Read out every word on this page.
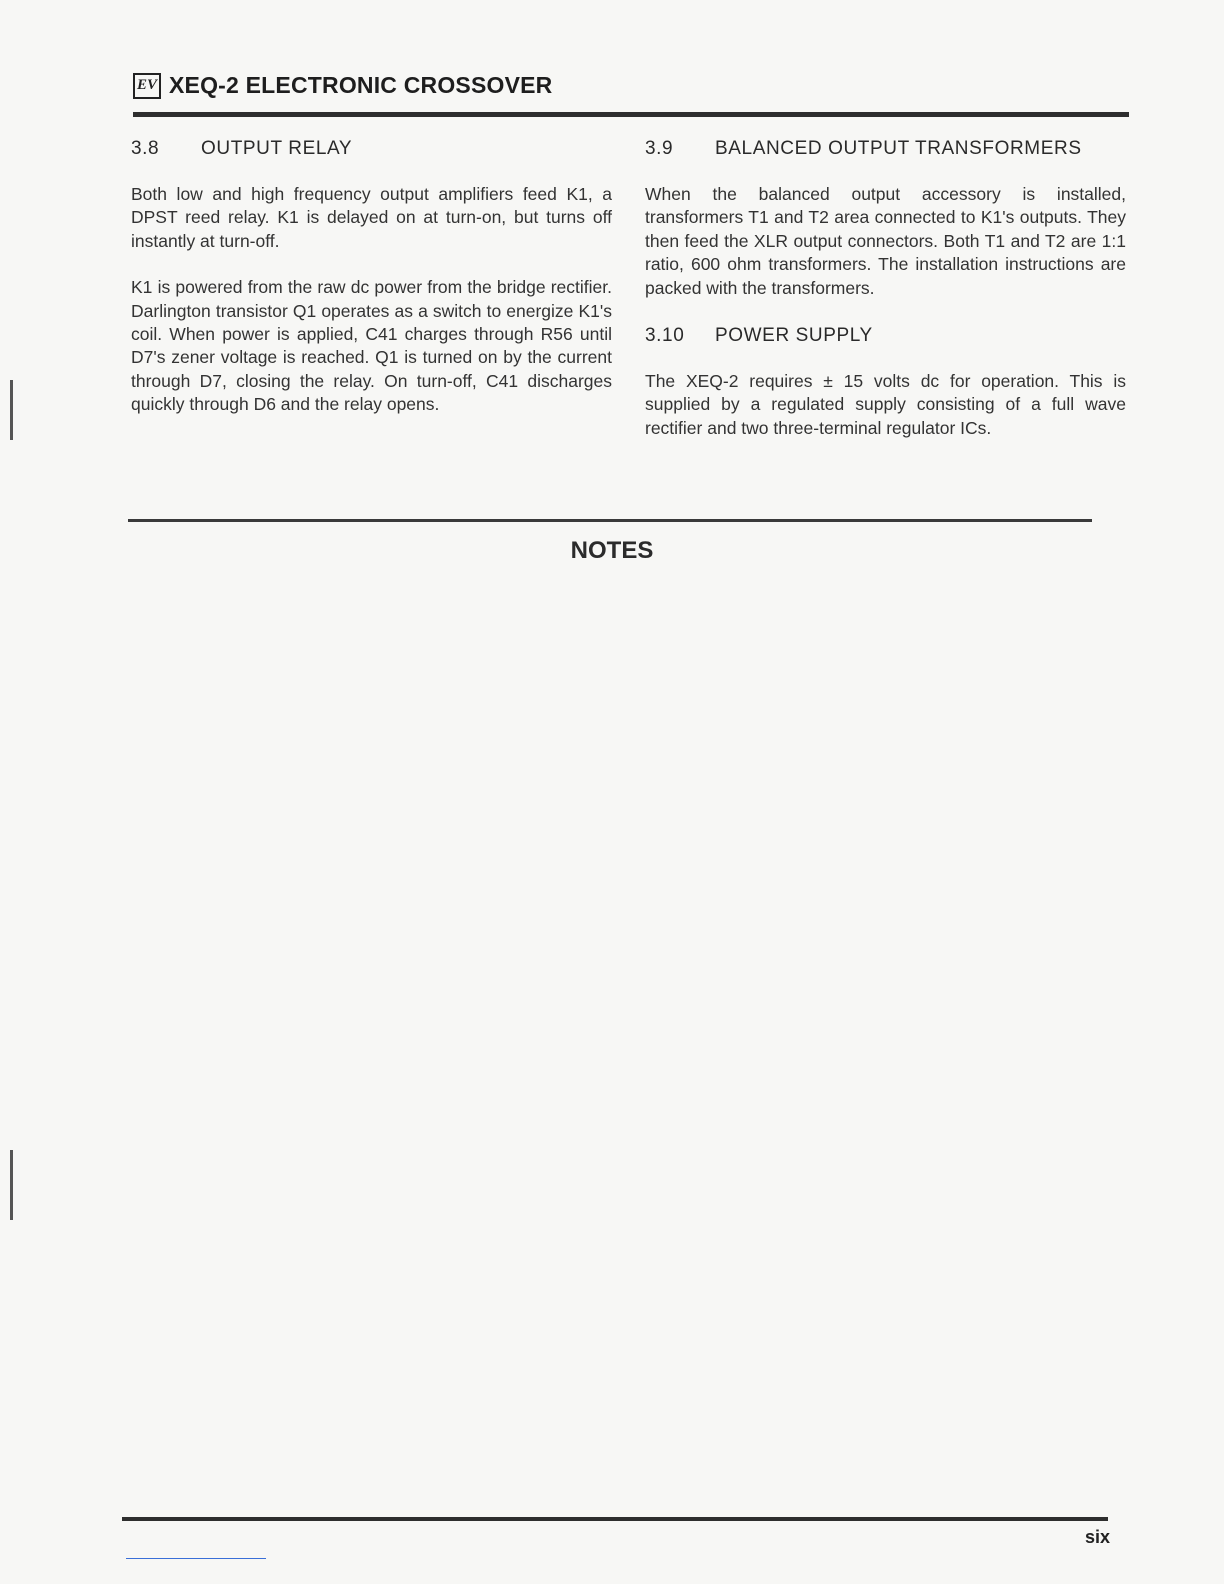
EV XEQ-2 ELECTRONIC CROSSOVER
3.8 OUTPUT RELAY

Both low and high frequency output amplifiers feed K1, a DPST reed relay. K1 is delayed on at turn-on, but turns off instantly at turn-off.

K1 is powered from the raw dc power from the bridge rectifier. Darlington transistor Q1 operates as a switch to energize K1's coil. When power is applied, C41 charges through R56 until D7's zener voltage is reached. Q1 is turned on by the current through D7, closing the relay. On turn-off, C41 discharges quickly through D6 and the relay opens.

3.9 BALANCED OUTPUT TRANSFORMERS

When the balanced output accessory is installed, transformers T1 and T2 area connected to K1's outputs. They then feed the XLR output connectors. Both T1 and T2 are 1:1 ratio, 600 ohm transformers. The installation instructions are packed with the transformers.

3.10 POWER SUPPLY

The XEQ-2 requires ± 15 volts dc for operation. This is supplied by a regulated supply consisting of a full wave rectifier and two three-terminal regulator ICs.

NOTES
six
